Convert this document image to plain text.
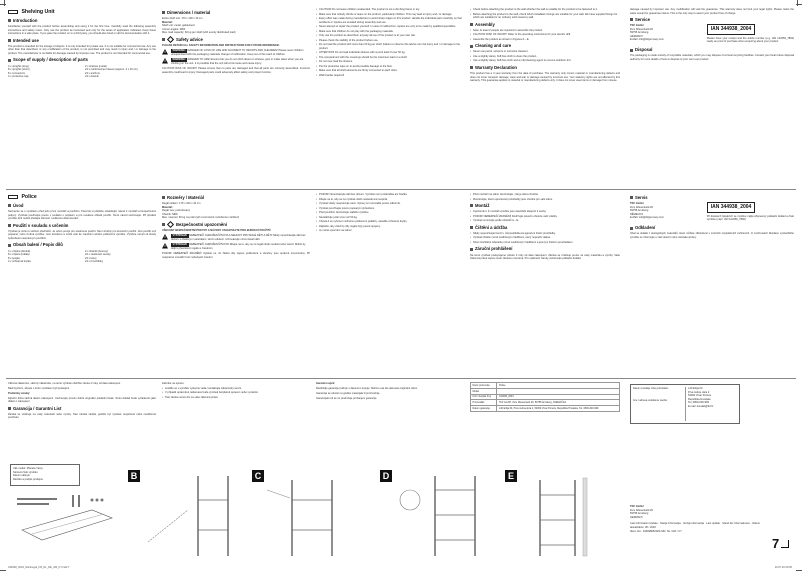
Shelving Unit
Introduction
Familiarise yourself with the product before assembling and using it for the first time. Carefully read the following assembly instructions and safety notes. Only use the product as instructed and only for the areas of application indicated. Keep these instructions in a safe place. If you pass the product on to a third party, you should also hand on all the documentation with it.
Intended use
The product is intended for the storage of objects. It is only intended for private use. It is not suitable for commercial use. Any use other than that described, or any modification of the product, is not permitted and may result in injury and / or damage to the product. The manufacturer is not liable for damage caused by improper use. The product is not intended for commercial use.
Scope of supply / description of parts
4 x uprights (long)	2 x shelves (metal)
8 x uprights (short)	24 x reinforcement sleeve (approx. 4 x 15 cm)
8 x connectors	24 x anchors
4 x protective cap	24 x dowels
Dimensions / material
Entire shelf unit: 176 x 100 x 40 cm
Material:
Shelf unit: metal, galvanised
Corner angles: MDF
Max. load capacity: 60 kg per shelf (with evenly distributed load)
Safety advice
PLEASE RETAIN ALL SAFETY INFORMATION AND INSTRUCTIONS FOR FUTURE REFERENCE!
WARNING! DANGER OF LOSS OF LIFE AND ACCIDENT TO INFANTS AND CHILDREN! Please never children unsupervised with the packaging materials. Danger of suffocation. Keep out of the reach of children.
WARNING! DANGER TO LIFE! Ensure that you do not climb about on shelves, give or make place when you are climbing on the unit. It is possible that the unit will come loose and cause injury.
CAUTION! RISK OF INJURY! Please ensure that no parts are damaged and that all parts are correctly assembled. Incorrect assembly could lead to injury. Damaged parts could adversely affect safety and proper function.
• CAUTION! Do not leave children unattended. The product is not a climbing frame or toy.
• Make sure that nobody climbs or leans on the product, particularly children. This may lead to injury and / or damage.
• Every effort was made during manufacture to avoid sharp edges on this product. Handle the individual parts carefully, so that accidents or injuries are avoided during assembly and use.
• Never attempt to repair the product yourself. In case of malfunction, repairs are only to be made by qualified specialists.
• Make sure that children do not play with the packaging materials.
• Only use the product as described, anyway all use of the product is at your own risk.
• Please check the stability of the product before use.
• Do not load the product with more than 60 kg per shelf. Failure to observe this advice can risk injury and / or damage to the product.
• ATTENTION! Do not load individual shelves with a point load of over 60 kg.
• The compartment with the coverings should be the maximum load on a shelf.
• Do not over-load the shelves.
• Put the protective caps on to avoid possible damage to the floor.
• Make sure that all shelf elements are firmly connected to each other.
• Wall bracket required!
• Check before attaching the product to the wall whether the wall is suitable for the product to be fastened to it.
• Before attaching the product to the wall, check which installation fixings are suitable for your wall. We have supplied fixings for which are suitable for an ordinary solid masonry wall.
Assembly
• Note: At least 2 people are required to assemble the product.
• CAUTION! RISK OF INJURY! Refer to the operating instructions for your electric drill.
• Assemble the product as shown in Figures A – E.
Cleaning and care
• Never use petrol, solvents or corrosive cleaners.
• Use a slightly damp, fluff-free cloth to clean the product.
• Use a slightly damp, fluff-free cloth and a mild cleaning agent to remove stubborn dirt.
Warranty Declaration
This product has a 3 year warranty from the date of purchase. The warranty only covers material or manufacturing defects and does not cover transport damage, wear and tear or damage caused by incorrect use. Your statutory rights are not affected by this warranty. This guarantee applies to material or manufacturing defects only. It does not cover wear items or damage from misuse.
damage caused by improper use. Any modification will void the guarantee. This warranty does not limit your legal rights. Please retain the sales receipt for guarantee claims. This is the only way to assert your product free of charge.
Service
TKF GmbH
Zum Wiesenkeld 20
59755 Arnsberg
GERMANY
E-Mail: info@tkfgermany.com
IAN 344938_2004
Please have your receipt and the article number (e.g. IAN 123456_7890) ready as proof of purchase when enquiring about your product.
Disposal
The packaging is made entirely of recyclable materials, which you may dispose of at local recycling facilities. Contact your local refuse disposal authority for more details of how to dispose of your worn-out product.
Police
Úvod
Seznamte se s výrobkem před jeho první montáží a použitím. Pozorně si přečtěte následující návod k montáži a bezpečnostní pokyny. Výrobek používejte pouze v souladu s popisem a pro uvedené oblasti použití. Tento návod uschovejte. Při předání výrobku třetí osobě předejte zároveň i veškerou dokumentaci.
Použití v souladu s určením
Výrobek je určen k uložení předmětů. Je určen pouze pro soukromé použití. Není vhodný pro komerční použití. Jiné použití než popsané, nebo změna výrobku, není dovoleno a může vést ke zraněním a/nebo poškození výrobku. Výrobce neručí za škody způsobené nesprávným použitím.
Obsah balení / Popis dílů
4 x vzpěra (dlouhá)	2 x úhelník (kovový)
8 x vzpěra (krátká)	24 x zesilovací vsuvky
8 x spojka	24 x kotvy
4 x ochranná krytka	24 x hmoždinky
Rozměry / Materiál
Regál celkem: 176 x 100 x 40 cm
Materiál:
Regál: kov, pozinkovaný
Úhelník: MDF
Max. nosnost: 60 kg na polici (při rovnoměrně rozloženém zatížení)
Bezpečnostní upozornění
VŠECHNY BEZPEČNOSTNÍ POKYNY A NÁVODY USCHOVEJTE PRO BUDOUCÍ POUŽITÍ!
VÝSTRAHA! NEBEZPEČÍ OHROŽENÍ ŽIVOTA A NEHODY PRO MALÉ DĚTI A DĚTI! Nikdy nenechávejte děti bez dozoru s obalovým materiálem. Hrozí udušení. Uchovávejte mimo dosah dětí.
VÝSTRAHA! NEBEZPEČÍ OHROŽENÍ ŽIVOTA! Dbejte na to, aby se na regál nikdo nevěšel nebo nelezl. Mohlo by dojít k převrácení regálu a zraněním.
POZOR! NEBEZPEČÍ ZRANĚNÍ! Ujistěte se, že žádné díly nejsou poškozené a všechny jsou správně smontovány. Při nesprávné montáži hrozí nebezpečí zranění.
• POZOR! Nenechávejte děti bez dozoru. Výrobek není prolézačka ani hračka.
• Dbejte na to, aby se na výrobek nikdo nestavěl ani neopíral.
• Výrobek nikdy neopravujte sami. Opravy smí provádět pouze odborník.
• Výrobek používejte pouze popsaným způsobem.
• Před použitím zkontrolujte stabilitu výrobku.
• Nezatěžujte polici více než 60 kg.
• Chcete-li se vyhnout možnému poškození podlahy, nasaďte ochranné krytky.
• Zajistěte, aby všechny díly regálu byly pevně spojeny.
• Je nutné upevnění na stěnu!
• Před montáží na stěnu zkontrolujte, zda je stěna vhodná.
• Zkontrolujte, které upevňovací prostředky jsou vhodné pro vaši stěnu.
Montáž
• Upozornění: K montáži výrobku jsou zapotřebí alespoň 2 osoby.
• POZOR! NEBEZPEČÍ ZRANĚNÍ! Dodržujte návod k obsluze vaší vrtačky.
• Výrobek smontujte podle obrázků A – E.
Čištění a údržba
• Nikdy nepoužívejte benzín, rozpouštědla ani agresivní čisticí prostředky.
• Výrobek čistěte mírně navlhčeným hadříkem, který nepouští vlákna.
• Silné znečištění odstraňte mírně navlhčeným hadříkem a jemným čisticím prostředkem.
Záruční prohlášení
Na tento výrobek poskytujeme záruku 3 roky od data zakoupení. Záruka se vztahuje pouze na vady materiálu a výroby. Vaše zákonná práva nejsou touto zárukou omezena. Pro uplatnění záruky uschovejte pokladní doklad.
Servis
TKF GmbH
Zum Wiesenkeld 20
59755 Arnsberg
NĚMECKO
E-Mail: info@tkfgermany.com
IAN 344938_2004
Při dotazech týkajících se výrobku mějte připravený pokladní doklad a číslo výrobku (např. IAN 123456_7890).
Odkladení
Obal se skládá z ekologických materiálů, které můžete zlikvidovat v místních recyklačních zařízeních. O možnostech likvidace vysloužilého výrobku se informujte u vaší obecní nebo městské správy.
Vážená zákaznice, vážený zákazníku, na tento výrobek obdržíte záruku 3 roky od data zakoupení.
Rádi bychom, abyste s tímto výrobkem byli spokojeni.
Podmínky záruky:
Záruční doba začíná datem zakoupení. Uschovejte prosím dobře originální pokladní lístek. Tento doklad bude vyžadován jako důkaz o zakoupení.
Garancija / Garantni List
Záruka se vztahuje na vady materiálu nebo výroby. Tato záruka zaniká, jestliže byl výrobek nesprávně nebo neodborně používán.
Váš model: Planeta Yaroy
Sériové číslo výrobku
Datum nákupu
Razítko a podpis prodejce
Začněte na opravu:
• Jestliže se u výrobku vyskytne vada, kontaktujte zákaznický servis.
• V případě oprávněné reklamace bude výrobek bezplatně opraven nebo vyměněn.
• Tato záruka nemá vliv na vaše zákonná práva.
Garantni uvjeti:
Razdoblje garancije počinje s datumom kupnje. Molimo vas da sačuvate originalni račun.
Garancija se odnosi na greške materijala ili proizvodnje.
Garancijski rok se ne produžuje pružanjem garancije.
Naziv proizvoda	Police
Model	
IAN / Serijski broj	344938_2004
Proizvođač	TKF GmbH, Zum Wiesenkeld 20, 59755 Arnsberg, NJEMAČKA
Datum garancije	L40 Erlija 60, Prva Jedna ulica 2, 52000 Vrsar Poreča, Republika Hrvatska, Tel. 0800-000-999
Datum predaje robe potrošaču:
Ime i adresa ovlaštene osobe:
L40 Erlija 60
Prva Jedna ulica 2
52000 Vrsar Poreca
Republika Hrvatska
Tel. 0800-000-999
E-mail: kontakt@tkf.hr
B	C	D	E
TKF GmbH
Zum Wiesenkeld 20
59755 Arnsberg
GERMANY
Last Information Update · Stanje informacija · Verzija informacija · Last update · Stand der Informationen · Dátum aktualizácie: 06 / 2020
Ident.-No.: 344938052020-GB / NL / HR / CY
7
344908_2004_Werkregal_FR_NL_DE_GB_CY.indd 7	10.07.20 09:35
